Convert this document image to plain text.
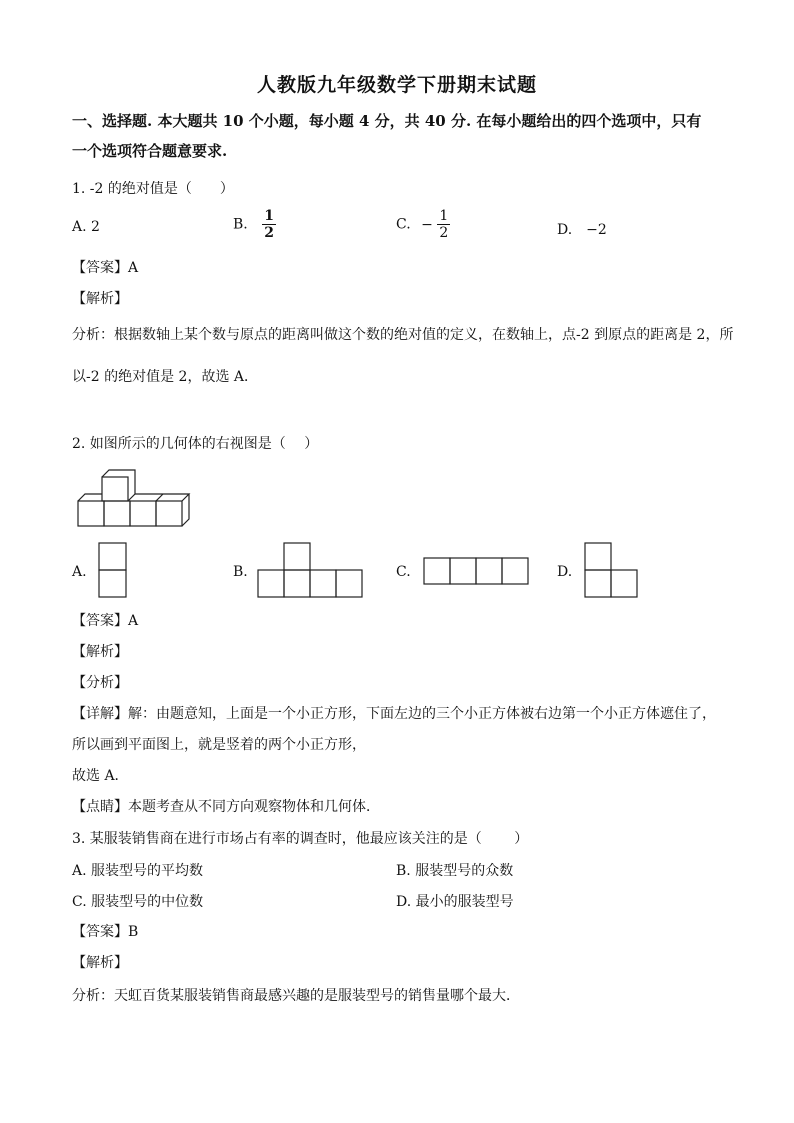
人教版九年级数学下册期末试题
一、选择题. 本大题共 10 个小题，每小题 4 分，共 40 分. 在每小题给出的四个选项中，只有
一个选项符合题意要求.
1. -2 的绝对值是（　　）
A. 2	B. $\frac{1}{2}$	C. − $\frac{1}{2}$	D.　−2
【答案】A
【解析】
分析：根据数轴上某个数与原点的距离叫做这个数的绝对值的定义，在数轴上，点-2 到原点的距离是 2，所
以-2 的绝对值是 2，故选 A．
2. 如图所示的几何体的右视图是（　 ）
A.	B.	C.	D.
【答案】A
【解析】
【分析】
【详解】解：由题意知，上面是一个小正方形，下面左边的三个小正方体被右边第一个小正方体遮住了，
所以画到平面图上，就是竖着的两个小正方形，
故选 A．
【点睛】本题考查从不同方向观察物体和几何体．
3. 某服装销售商在进行市场占有率的调查时，他最应该关注的是（　　 ）
A. 服装型号的平均数	B. 服装型号的众数
C. 服装型号的中位数	D. 最小的服装型号
【答案】B
【解析】
分析：天虹百货某服装销售商最感兴趣的是服装型号的销售量哪个最大．
